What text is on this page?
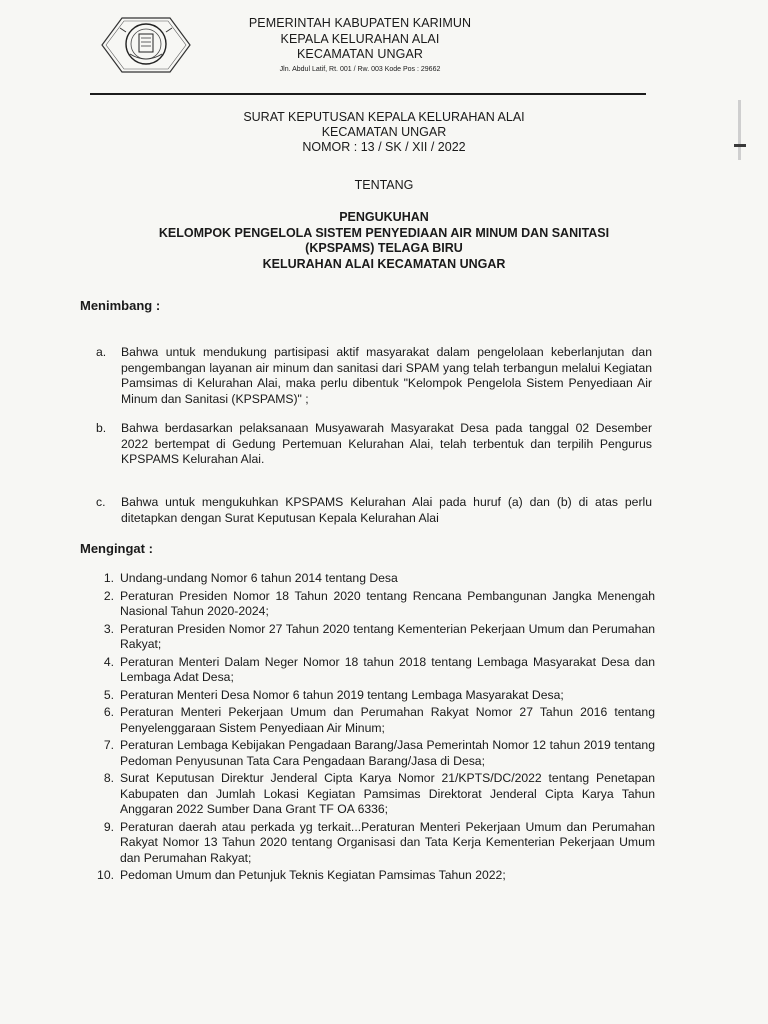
PEMERINTAH KABUPATEN KARIMUN
KEPALA KELURAHAN ALAI
KECAMATAN UNGAR
Jln. Abdul Latif, Rt. 001 / Rw. 003 Kode Pos : 29662
SURAT KEPUTUSAN KEPALA KELURAHAN ALAI
KECAMATAN UNGAR
NOMOR : 13 / SK / XII / 2022
TENTANG
PENGUKUHAN
KELOMPOK PENGELOLA SISTEM PENYEDIAAN AIR MINUM DAN SANITASI
(KPSPAMS) TELAGA BIRU
KELURAHAN ALAI KECAMATAN UNGAR
Menimbang :
a. Bahwa untuk mendukung partisipasi aktif masyarakat dalam pengelolaan keberlanjutan dan pengembangan layanan air minum dan sanitasi dari SPAM yang telah terbangun melalui Kegiatan Pamsimas di Kelurahan Alai, maka perlu dibentuk "Kelompok Pengelola Sistem Penyediaan Air Minum dan Sanitasi (KPSPAMS)" ;
b. Bahwa berdasarkan pelaksanaan Musyawarah Masyarakat Desa pada tanggal 02 Desember 2022 bertempat di Gedung Pertemuan Kelurahan Alai, telah terbentuk dan terpilih Pengurus KPSPAMS Kelurahan Alai.
c. Bahwa untuk mengukuhkan KPSPAMS Kelurahan Alai pada huruf (a) dan (b) di atas perlu ditetapkan dengan Surat Keputusan Kepala Kelurahan Alai
Mengingat :
1. Undang-undang Nomor 6 tahun 2014 tentang Desa
2. Peraturan Presiden Nomor 18 Tahun 2020 tentang Rencana Pembangunan Jangka Menengah Nasional Tahun 2020-2024;
3. Peraturan Presiden Nomor 27 Tahun 2020 tentang Kementerian Pekerjaan Umum dan Perumahan Rakyat;
4. Peraturan Menteri Dalam Neger Nomor 18 tahun 2018 tentang Lembaga Masyarakat Desa dan Lembaga Adat Desa;
5. Peraturan Menteri Desa Nomor 6 tahun 2019 tentang Lembaga Masyarakat Desa;
6. Peraturan Menteri Pekerjaan Umum dan Perumahan Rakyat Nomor 27 Tahun 2016 tentang Penyelenggaraan Sistem Penyediaan Air Minum;
7. Peraturan Lembaga Kebijakan Pengadaan Barang/Jasa Pemerintah Nomor 12 tahun 2019 tentang Pedoman Penyusunan Tata Cara Pengadaan Barang/Jasa di Desa;
8. Surat Keputusan Direktur Jenderal Cipta Karya Nomor 21/KPTS/DC/2022 tentang Penetapan Kabupaten dan Jumlah Lokasi Kegiatan Pamsimas Direktorat Jenderal Cipta Karya Tahun Anggaran 2022 Sumber Dana Grant TF OA 6336;
9. Peraturan daerah atau perkada yg terkait...Peraturan Menteri Pekerjaan Umum dan Perumahan Rakyat Nomor 13 Tahun 2020 tentang Organisasi dan Tata Kerja Kementerian Pekerjaan Umum dan Perumahan Rakyat;
10. Pedoman Umum dan Petunjuk Teknis Kegiatan Pamsimas Tahun 2022;
